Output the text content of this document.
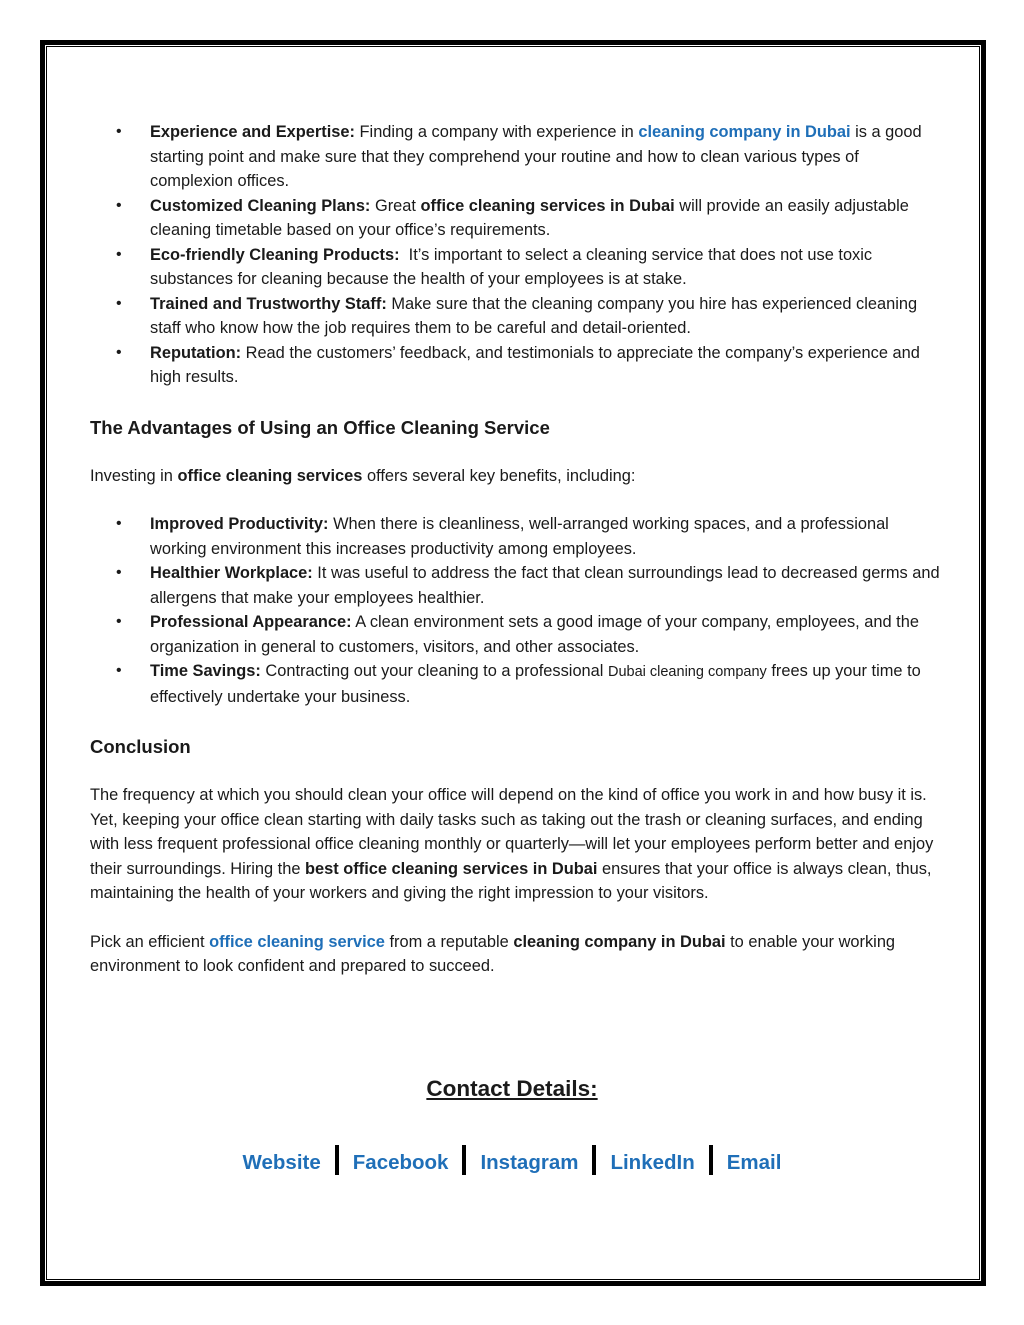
• Experience and Expertise: Finding a company with experience in cleaning company in Dubai is a good starting point and make sure that they comprehend your routine and how to clean various types of complexion offices.
• Customized Cleaning Plans: Great office cleaning services in Dubai will provide an easily adjustable cleaning timetable based on your office’s requirements.
• Eco-friendly Cleaning Products:  It’s important to select a cleaning service that does not use toxic substances for cleaning because the health of your employees is at stake.
• Trained and Trustworthy Staff: Make sure that the cleaning company you hire has experienced cleaning staff who know how the job requires them to be careful and detail-oriented.
• Reputation: Read the customers’ feedback, and testimonials to appreciate the company’s experience and high results.
The Advantages of Using an Office Cleaning Service

Investing in office cleaning services offers several key benefits, including:

• Improved Productivity: When there is cleanliness, well-arranged working spaces, and a professional working environment this increases productivity among employees.
• Healthier Workplace: It was useful to address the fact that clean surroundings lead to decreased germs and allergens that make your employees healthier.
• Professional Appearance: A clean environment sets a good image of your company, employees, and the organization in general to customers, visitors, and other associates.
• Time Savings: Contracting out your cleaning to a professional Dubai cleaning company frees up your time to effectively undertake your business.
Conclusion

The frequency at which you should clean your office will depend on the kind of office you work in and how busy it is. Yet, keeping your office clean starting with daily tasks such as taking out the trash or cleaning surfaces, and ending with less frequent professional office cleaning monthly or quarterly—will let your employees perform better and enjoy their surroundings. Hiring the best office cleaning services in Dubai ensures that your office is always clean, thus, maintaining the health of your workers and giving the right impression to your visitors.

Pick an efficient office cleaning service from a reputable cleaning company in Dubai to enable your working environment to look confident and prepared to succeed.

Contact Details:
Website Facebook Instagram LinkedIn Email
